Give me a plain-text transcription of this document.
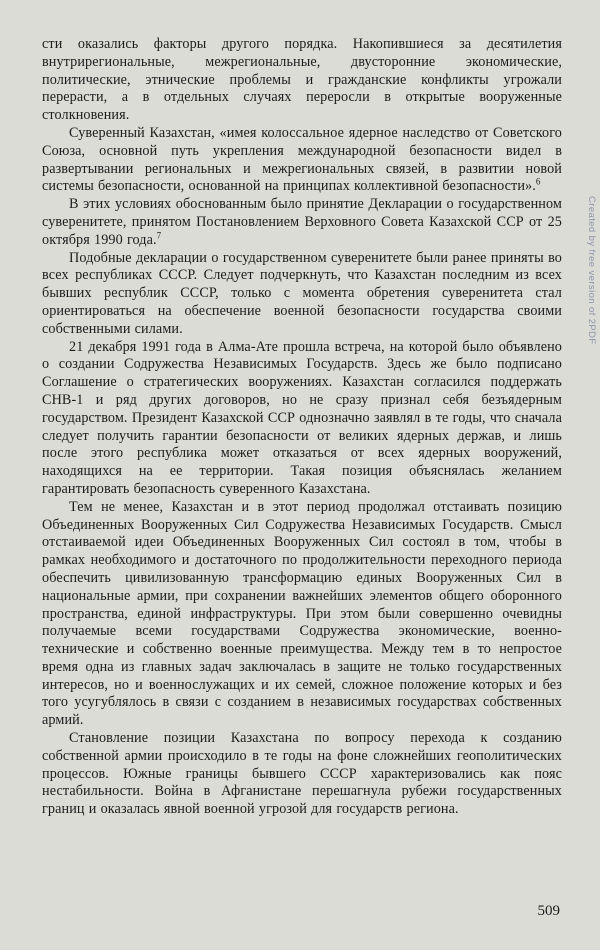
сти оказались факторы другого порядка. Накопившиеся за десятилетия внутрирегиональные, межрегиональные, двусторонние экономические, политические, этнические проблемы и гражданские конфликты угрожали перерасти, а в отдельных случаях переросли в открытые вооруженные столкновения.

Суверенный Казахстан, «имея колоссальное ядерное наследство от Советского Союза, основной путь укрепления международной безопасности видел в развертывании региональных и межрегиональных связей, в развитии новой системы безопасности, основанной на принципах коллективной безопасности».$^6$

В этих условиях обоснованным было принятие Декларации о государственном суверенитете, принятом Постановлением Верховного Совета Казахской ССР от 25 октября 1990 года.$^7$

Подобные декларации о государственном суверенитете были ранее приняты во всех республиках СССР. Следует подчеркнуть, что Казахстан последним из всех бывших республик СССР, только с момента обретения суверенитета стал ориентироваться на обеспечение военной безопасности государства своими собственными силами.

21 декабря 1991 года в Алма-Ате прошла встреча, на которой было объявлено о создании Содружества Независимых Государств. Здесь же было подписано Соглашение о стратегических вооружениях. Казахстан согласился поддержать СНВ-1 и ряд других договоров, но не сразу признал себя безъядерным государством. Президент Казахской ССР однозначно заявлял в те годы, что сначала следует получить гарантии безопасности от великих ядерных держав, и лишь после этого республика может отказаться от всех ядерных вооружений, находящихся на ее территории. Такая позиция объяснялась желанием гарантировать безопасность суверенного Казахстана.

Тем не менее, Казахстан и в этот период продолжал отстаивать позицию Объединенных Вооруженных Сил Содружества Независимых Государств. Смысл отстаиваемой идеи Объединенных Вооруженных Сил состоял в том, чтобы в рамках необходимого и достаточного по продолжительности переходного периода обеспечить цивилизованную трансформацию единых Вооруженных Сил в национальные армии, при сохранении важнейших элементов общего оборонного пространства, единой инфраструктуры. При этом были совершенно очевидны получаемые всеми государствами Содружества экономические, военно-технические и собственно военные преимущества. Между тем в то непростое время одна из главных задач заключалась в защите не только государственных интересов, но и военнослужащих и их семей, сложное положение которых и без того усугублялось в связи с созданием в независимых государствах собственных армий.

Становление позиции Казахстана по вопросу перехода к созданию собственной армии происходило в те годы на фоне сложнейших геополитических процессов. Южные границы бывшего СССР характеризовались как пояс нестабильности. Война в Афганистане перешагнула рубежи государственных границ и оказалась явной военной угрозой для государств региона.

Created by free version of 2PDF
509
